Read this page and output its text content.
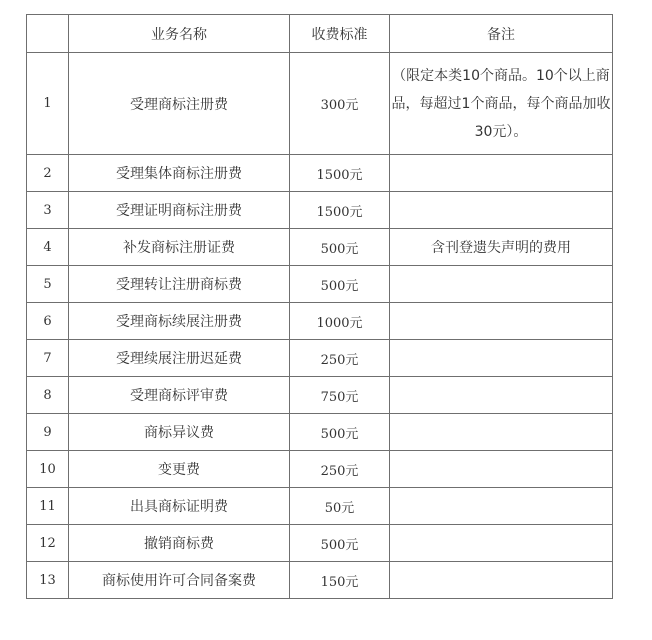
	业务名称	收费标准	备注
1	受理商标注册费	300元	（限定本类10个商品。10个以上商品，每超过1个商品，每个商品加收30元）。
2	受理集体商标注册费	1500元	
3	受理证明商标注册费	1500元	
4	补发商标注册证费	500元	含刊登遗失声明的费用
5	受理转让注册商标费	500元	
6	受理商标续展注册费	1000元	
7	受理续展注册迟延费	250元	
8	受理商标评审费	750元	
9	商标异议费	500元	
10	变更费	250元	
11	出具商标证明费	50元	
12	撤销商标费	500元	
13	商标使用许可合同备案费	150元	
